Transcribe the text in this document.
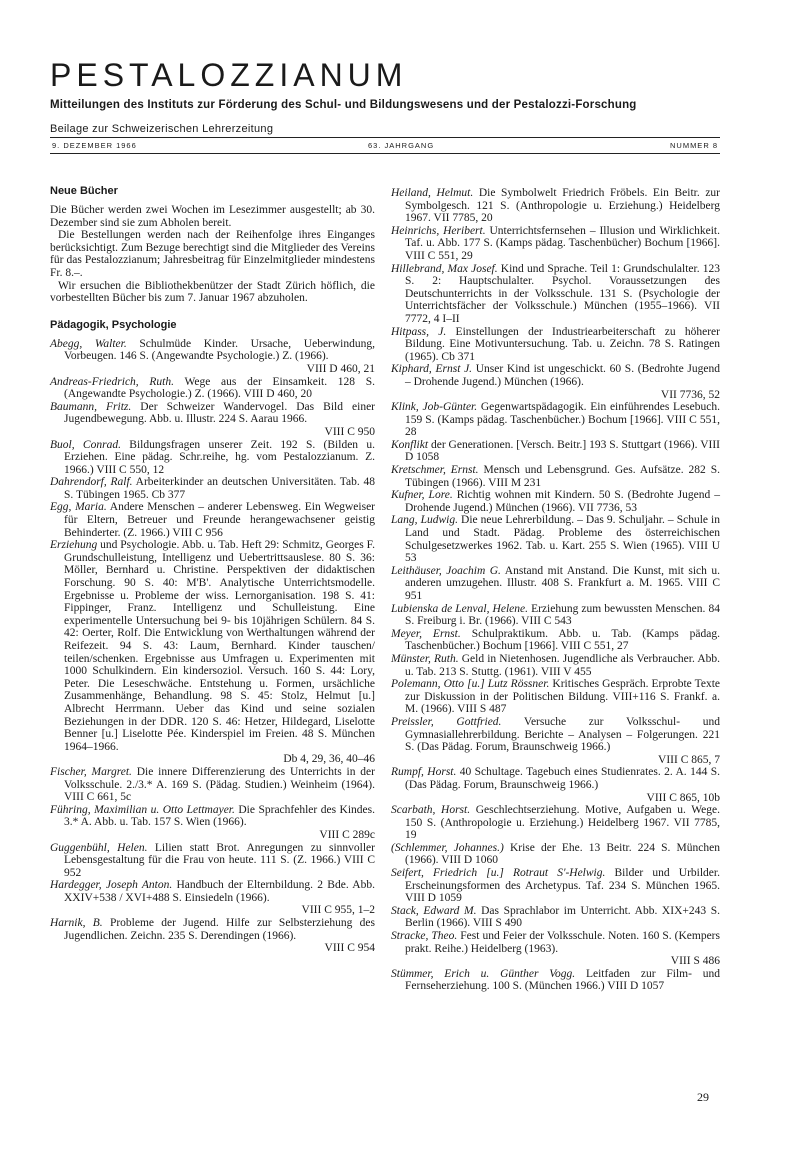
PESTALOZZIANUM
Mitteilungen des Instituts zur Förderung des Schul- und Bildungswesens und der Pestalozzi-Forschung
Beilage zur Schweizerischen Lehrerzeitung
9. DEZEMBER 1966	63. JAHRGANG	NUMMER 8
Neue Bücher

Die Bücher werden zwei Wochen im Lesezimmer ausgestellt; ab 30. Dezember sind sie zum Abholen bereit.

Die Bestellungen werden nach der Reihenfolge ihres Einganges berücksichtigt. Zum Bezuge berechtigt sind die Mitglieder des Vereins für das Pestalozzianum; Jahresbeitrag für Einzelmitglieder mindestens Fr. 8.–.

Wir ersuchen die Bibliothekbenützer der Stadt Zürich höflich, die vorbestellten Bücher bis zum 7. Januar 1967 abzuholen.

Pädagogik, Psychologie

Abegg, Walter. Schulmüde Kinder. Ursache, Ueberwindung, Vorbeugen. 146 S. (Angewandte Psychologie.) Z. (1966).
VIII D 460, 21

Andreas-Friedrich, Ruth. Wege aus der Einsamkeit. 128 S. (Angewandte Psychologie.) Z. (1966). VIII D 460, 20

Baumann, Fritz. Der Schweizer Wandervogel. Das Bild einer Jugendbewegung. Abb. u. Illustr. 224 S. Aarau 1966.
VIII C 950

Buol, Conrad. Bildungsfragen unserer Zeit. 192 S. (Bilden u. Erziehen. Eine pädag. Schr.reihe, hg. vom Pestalozzianum. Z. 1966.) VIII C 550, 12

Dahrendorf, Ralf. Arbeiterkinder an deutschen Universitäten. Tab. 48 S. Tübingen 1965. Cb 377

Egg, Maria. Andere Menschen – anderer Lebensweg. Ein Wegweiser für Eltern, Betreuer und Freunde herangewachsener geistig Behinderter. (Z. 1966.) VIII C 956

Erziehung und Psychologie. Abb. u. Tab. Heft 29: Schmitz, Georges F. Grundschulleistung, Intelligenz und Uebertrittsauslese. 80 S. 36: Möller, Bernhard u. Christine. Perspektiven der didaktischen Forschung. 90 S. 40: M'B'. Analytische Unterrichtsmodelle. Ergebnisse u. Probleme der wiss. Lernorganisation. 198 S. 41: Fippinger, Franz. Intelligenz und Schulleistung. Eine experimentelle Untersuchung bei 9- bis 10jährigen Schülern. 84 S. 42: Oerter, Rolf. Die Entwicklung von Werthaltungen während der Reifezeit. 94 S. 43: Laum, Bernhard. Kinder tauschen/ teilen/schenken. Ergebnisse aus Umfragen u. Experimenten mit 1000 Schulkindern. Ein kindersoziol. Versuch. 160 S. 44: Lory, Peter. Die Leseschwäche. Entstehung u. Formen, ursächliche Zusammenhänge, Behandlung. 98 S. 45: Stolz, Helmut [u.] Albrecht Herrmann. Ueber das Kind und seine sozialen Beziehungen in der DDR. 120 S. 46: Hetzer, Hildegard, Liselotte Benner [u.] Liselotte Pée. Kinderspiel im Freien. 48 S. München 1964–1966.
Db 4, 29, 36, 40–46

Fischer, Margret. Die innere Differenzierung des Unterrichts in der Volksschule. 2./3.* A. 169 S. (Pädag. Studien.) Weinheim (1964). VIII C 661, 5c

Führing, Maximilian u. Otto Lettmayer. Die Sprachfehler des Kindes. 3.* A. Abb. u. Tab. 157 S. Wien (1966).
VIII C 289c

Guggenbühl, Helen. Lilien statt Brot. Anregungen zu sinnvoller Lebensgestaltung für die Frau von heute. 111 S. (Z. 1966.) VIII C 952

Hardegger, Joseph Anton. Handbuch der Elternbildung. 2 Bde. Abb. XXIV+538 / XVI+488 S. Einsiedeln (1966).
VIII C 955, 1–2

Harnik, B. Probleme der Jugend. Hilfe zur Selbsterziehung des Jugendlichen. Zeichn. 235 S. Derendingen (1966).
VIII C 954

Heiland, Helmut. Die Symbolwelt Friedrich Fröbels. Ein Beitr. zur Symbolgesch. 121 S. (Anthropologie u. Erziehung.) Heidelberg 1967. VII 7785, 20

Heinrichs, Heribert. Unterrichtsfernsehen – Illusion und Wirklichkeit. Taf. u. Abb. 177 S. (Kamps pädag. Taschenbücher) Bochum [1966]. VIII C 551, 29

Hillebrand, Max Josef. Kind und Sprache. Teil 1: Grundschulalter. 123 S. 2: Hauptschulalter. Psychol. Voraussetzungen des Deutschunterrichts in der Volksschule. 131 S. (Psychologie der Unterrichtsfächer der Volksschule.) München (1955–1966). VII 7772, 4 I–II

Hitpass, J. Einstellungen der Industriearbeiterschaft zu höherer Bildung. Eine Motivuntersuchung. Tab. u. Zeichn. 78 S. Ratingen (1965). Cb 371

Kiphard, Ernst J. Unser Kind ist ungeschickt. 60 S. (Bedrohte Jugend – Drohende Jugend.) München (1966).
VII 7736, 52

Klink, Job-Günter. Gegenwartspädagogik. Ein einführendes Lesebuch. 159 S. (Kamps pädag. Taschenbücher.) Bochum [1966]. VIII C 551, 28

Konflikt der Generationen. [Versch. Beitr.] 193 S. Stuttgart (1966). VIII D 1058

Kretschmer, Ernst. Mensch und Lebensgrund. Ges. Aufsätze. 282 S. Tübingen (1966). VIII M 231

Kufner, Lore. Richtig wohnen mit Kindern. 50 S. (Bedrohte Jugend – Drohende Jugend.) München (1966). VII 7736, 53

Lang, Ludwig. Die neue Lehrerbildung. – Das 9. Schuljahr. – Schule in Land und Stadt. Pädag. Probleme des österreichischen Schulgesetzwerkes 1962. Tab. u. Kart. 255 S. Wien (1965). VIII U 53

Leithäuser, Joachim G. Anstand mit Anstand. Die Kunst, mit sich u. anderen umzugehen. Illustr. 408 S. Frankfurt a. M. 1965. VIII C 951

Lubienska de Lenval, Helene. Erziehung zum bewussten Menschen. 84 S. Freiburg i. Br. (1966). VIII C 543

Meyer, Ernst. Schulpraktikum. Abb. u. Tab. (Kamps pädag. Taschenbücher.) Bochum [1966]. VIII C 551, 27

Münster, Ruth. Geld in Nietenhosen. Jugendliche als Verbraucher. Abb. u. Tab. 213 S. Stuttg. (1961). VIII V 455

Polemann, Otto [u.] Lutz Rössner. Kritisches Gespräch. Erprobte Texte zur Diskussion in der Politischen Bildung. VIII+116 S. Frankf. a. M. (1966). VIII S 487

Preissler, Gottfried. Versuche zur Volksschul- und Gymnasiallehrerbildung. Berichte – Analysen – Folgerungen. 221 S. (Das Pädag. Forum, Braunschweig 1966.)
VIII C 865, 7

Rumpf, Horst. 40 Schultage. Tagebuch eines Studienrates. 2. A. 144 S. (Das Pädag. Forum, Braunschweig 1966.)
VIII C 865, 10b

Scarbath, Horst. Geschlechtserziehung. Motive, Aufgaben u. Wege. 150 S. (Anthropologie u. Erziehung.) Heidelberg 1967. VII 7785, 19

(Schlemmer, Johannes.) Krise der Ehe. 13 Beitr. 224 S. München (1966). VIII D 1060

Seifert, Friedrich [u.] Rotraut S'-Helwig. Bilder und Urbilder. Erscheinungsformen des Archetypus. Taf. 234 S. München 1965. VIII D 1059

Stack, Edward M. Das Sprachlabor im Unterricht. Abb. XIX+243 S. Berlin (1966). VIII S 490

Stracke, Theo. Fest und Feier der Volksschule. Noten. 160 S. (Kempers prakt. Reihe.) Heidelberg (1963).
VIII S 486

Stümmer, Erich u. Günther Vogg. Leitfaden zur Film- und Fernseherziehung. 100 S. (München 1966.) VIII D 1057

29
